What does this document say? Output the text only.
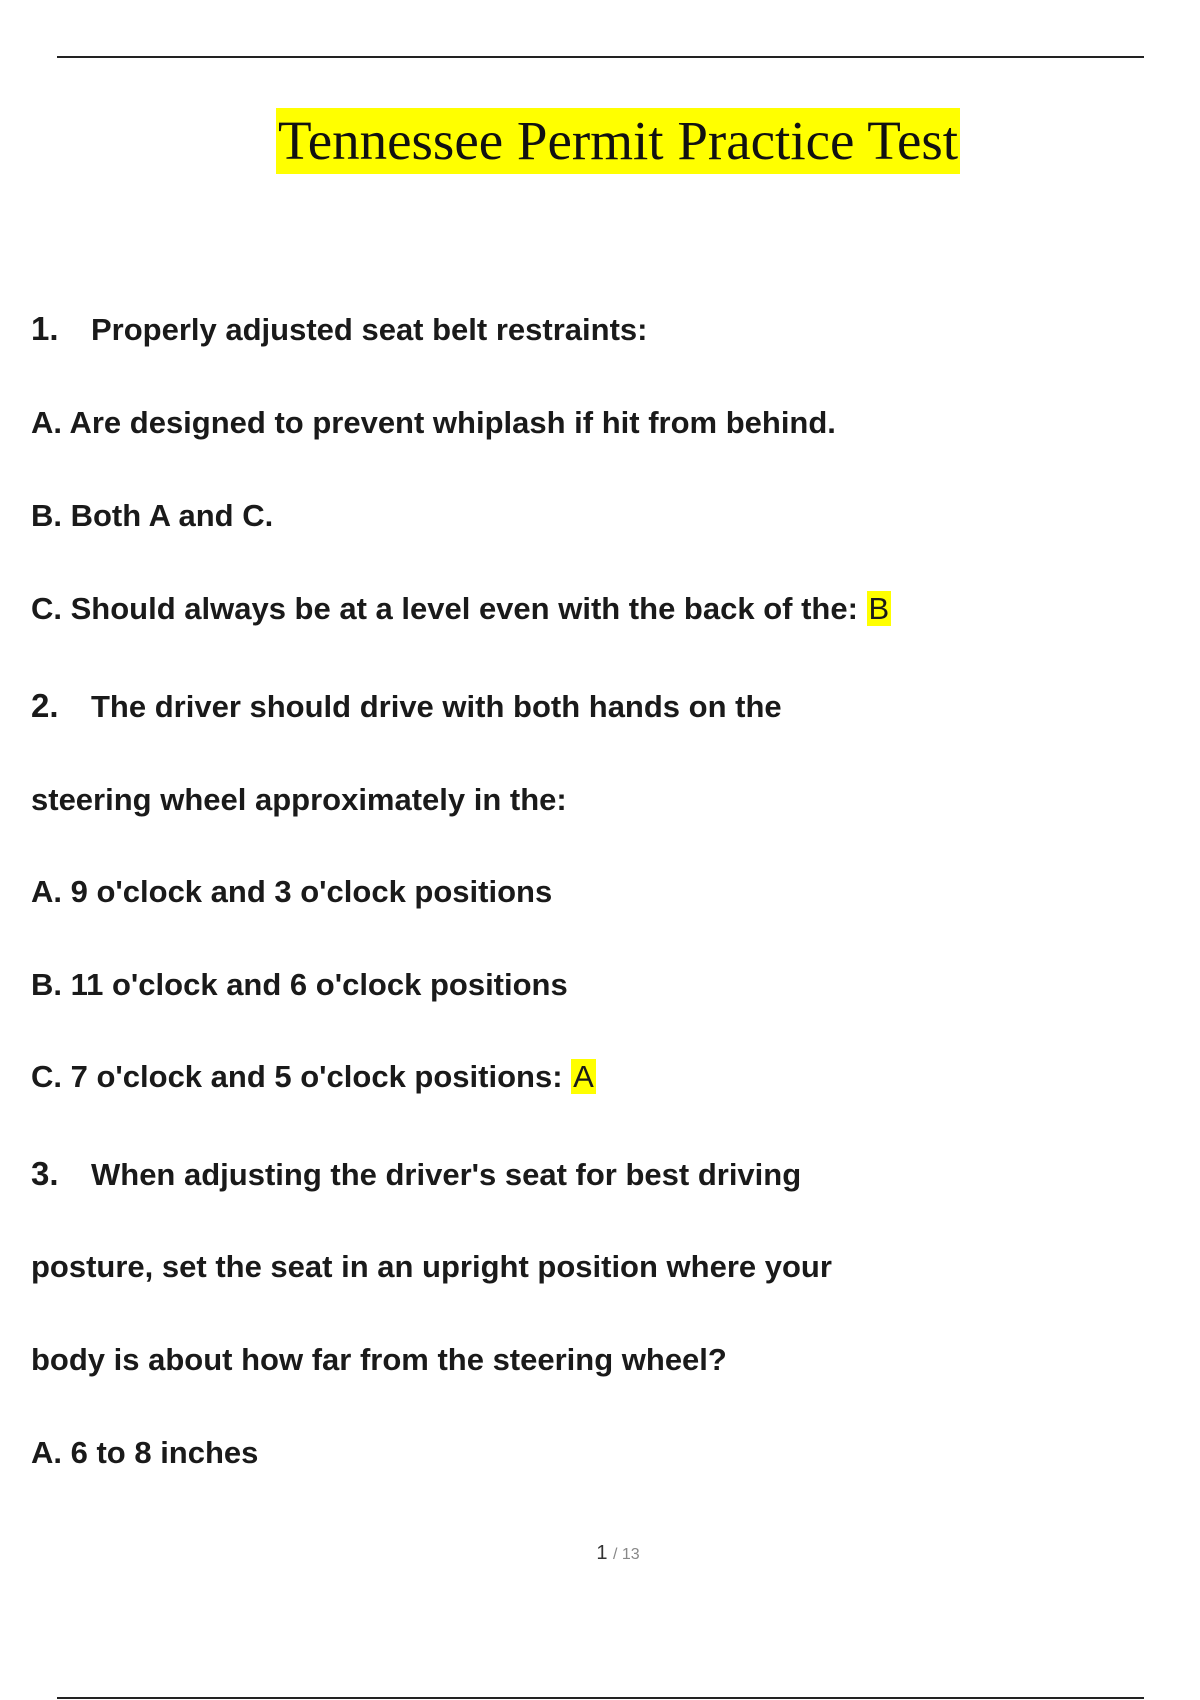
Tennessee Permit Practice Test
1. Properly adjusted seat belt restraints:
A. Are designed to prevent whiplash if hit from behind.
B. Both A and C.
C. Should always be at a level even with the back of the: B
2. The driver should drive with both hands on the
steering wheel approximately in the:
A. 9 o'clock and 3 o'clock positions
B. 11 o'clock and 6 o'clock positions
C. 7 o'clock and 5 o'clock positions: A
3. When adjusting the driver's seat for best driving
posture, set the seat in an upright position where your
body is about how far from the steering wheel?
A. 6 to 8 inches
1 / 13
